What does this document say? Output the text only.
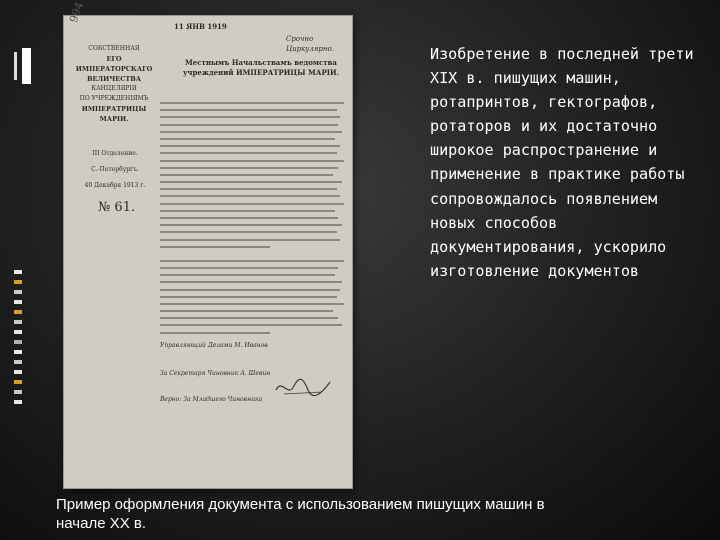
994
11 ЯНВ 1919
СОБСТВЕННАЯ
ЕГО ИМПЕРАТОРСКАГО ВЕЛИЧЕСТВА
КАНЦЕЛЯРІЯ
ПО УЧРЕЖДЕНІЯМЪ
ИМПЕРАТРИЦЫ МАРІИ.
Срочно
Циркулярно.
Местнымъ Начальствамъ ведомства
учреждений ИМПЕРАТРИЦЫ МАРІИ.
III Отделение.
С.-Петербургъ.
40 Декабря 1913 г.
№ 61.
Управляющий Делами М. Иванов
За Секретаря Чиновник А. Шевин
Верно: За Младшего Чиновника

Изобретение в последней трети XIX в. пишущих машин, ротапринтов, гектографов, ротаторов и их достаточно широкое распространение и применение в практике работы сопровождалось появлением новых способов документирования, ускорило изготовление документов

Пример оформления документа с использованием пишущих машин в начале XX в.
